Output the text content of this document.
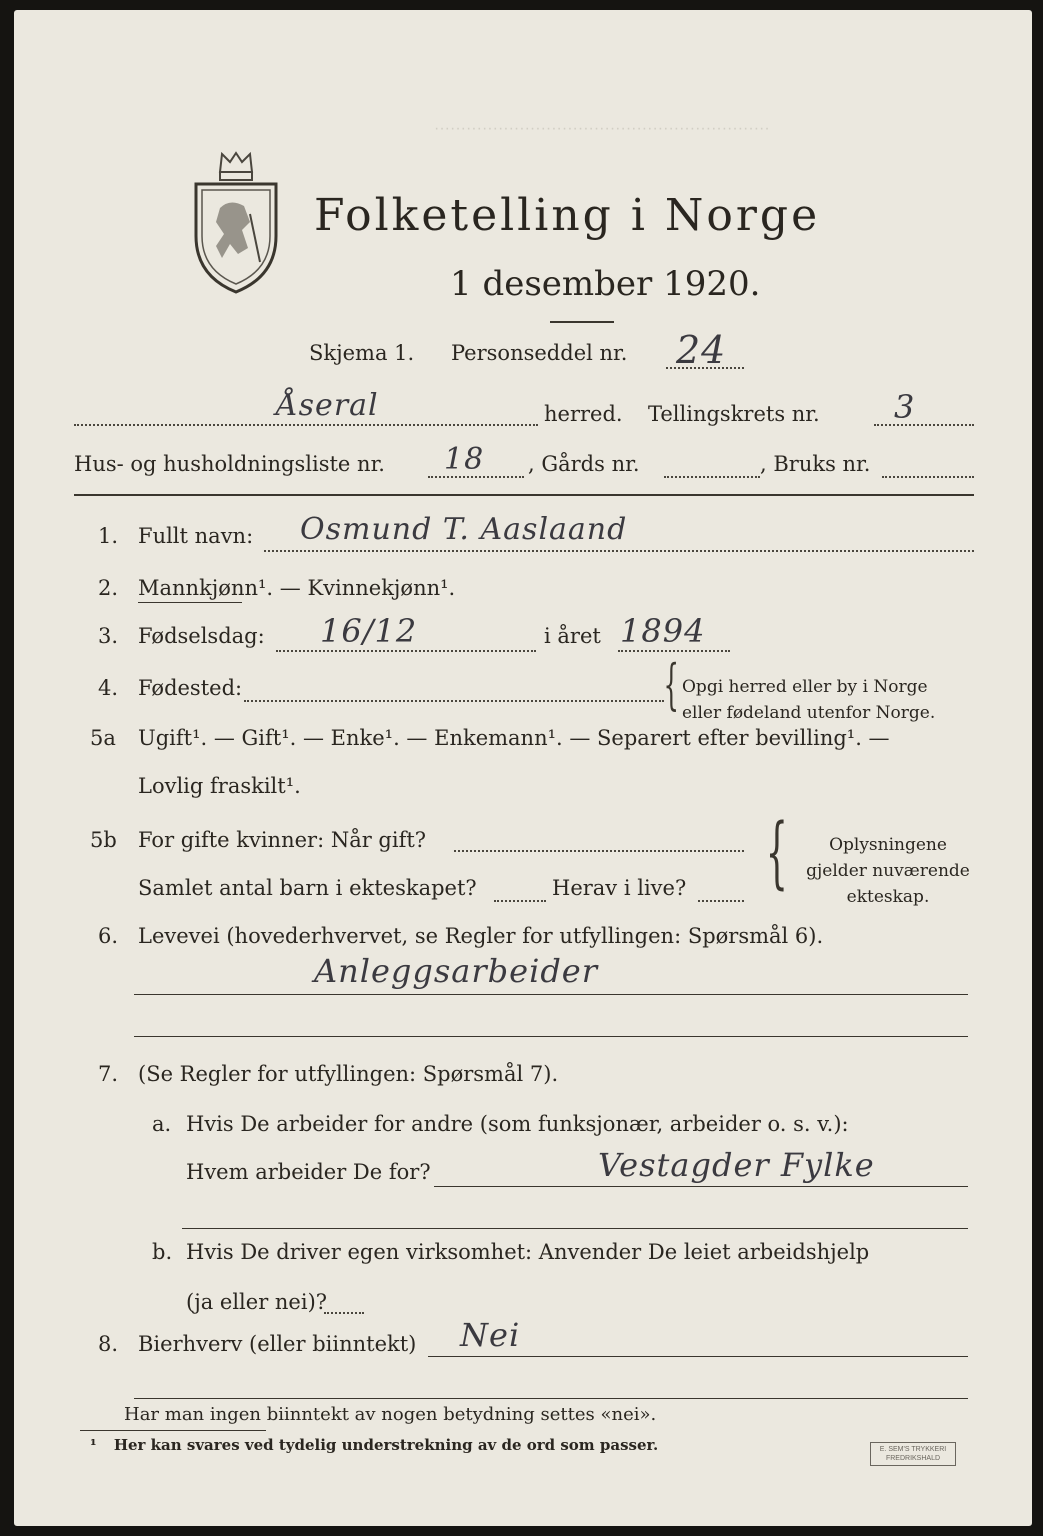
·······························································
Folketelling i Norge
1 desember 1920.
Skjema 1. Personseddel nr. 24
Åseral	herred. Tellingskrets nr. 3
Hus- og husholdningsliste nr. 18 , Gårds nr.	, Bruks nr.
1. Fullt navn: Osmund T. Aaslaand
2. Mannkjønn¹. — Kvinnekjønn¹.
3. Fødselsdag: 16/12	i året 1894
4. Fødested:	{ Opgi herred eller by i Norge
eller fødeland utenfor Norge.
5a Ugift¹. — Gift¹. — Enke¹. — Enkemann¹. — Separert efter bevilling¹. —
Lovlig fraskilt¹.
5b For gifte kvinner: Når gift?
Samlet antal barn i ekteskapet?	Herav i live? {	Oplysningene
gjelder nuværende
ekteskap.
6. Levevei (hovederhvervet, se Regler for utfyllingen: Spørsmål 6).
Anleggsarbeider
7. (Se Regler for utfyllingen: Spørsmål 7).
a. Hvis De arbeider for andre (som funksjonær, arbeider o. s. v.):
Hvem arbeider De for?	Vestagder Fylke
b. Hvis De driver egen virksomhet: Anvender De leiet arbeidshjelp
(ja eller nei)?
8. Bierhverv (eller biinntekt) Nei
Har man ingen biinntekt av nogen betydning settes «nei».
¹ Her kan svares ved tydelig understrekning av de ord som passer.	E. SEM'S TRYKKERI FREDRIKSHALD
